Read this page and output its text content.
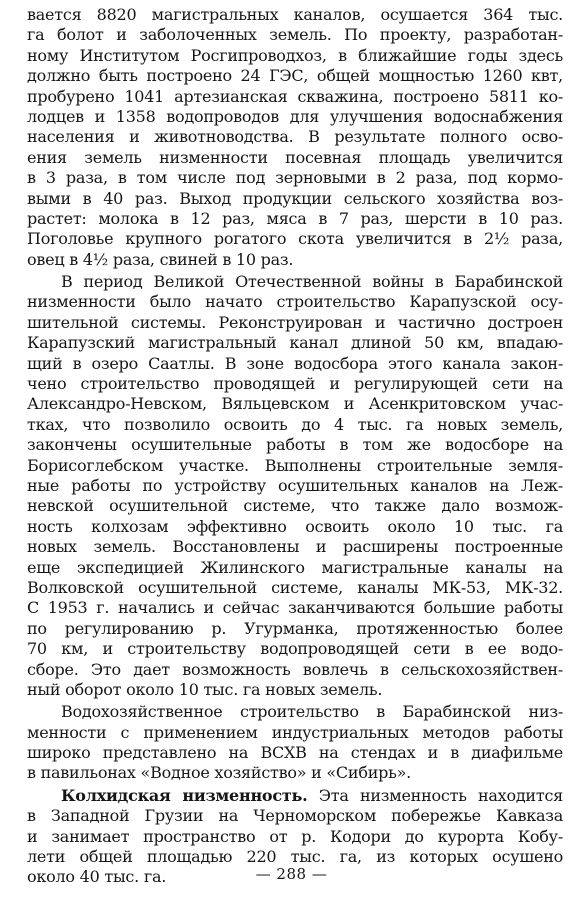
вается 8820 магистральных каналов, осушается 364 тыс.
га болот и заболоченных земель. По проекту, разработан-
ному Институтом Росгипроводхоз, в ближайшие годы здесь
должно быть построено 24 ГЭС, общей мощностью 1260 квт,
пробурено 1041 артезианская скважина, построено 5811 ко-
лодцев и 1358 водопроводов для улучшения водоснабжения
населения и животноводства. В результате полного осво-
ения земель низменности посевная площадь увеличится
в 3 раза, в том числе под зерновыми в 2 раза, под кормо-
выми в 40 раз. Выход продукции сельского хозяйства воз-
растет: молока в 12 раз, мяса в 7 раз, шерсти в 10 раз.
Поголовье крупного рогатого скота увеличится в 2½ раза,
овец в 4½ раза, свиней в 10 раз.
В период Великой Отечественной войны в Барабинской
низменности было начато строительство Карапузской осу-
шительной системы. Реконструирован и частично достроен
Карапузский магистральный канал длиной 50 км, впадаю-
щий в озеро Саатлы. В зоне водосбора этого канала закон-
чено строительство проводящей и регулирующей сети на
Александро-Невском, Вяльцевском и Асенкритовском учас-
тках, что позволило освоить до 4 тыс. га новых земель,
закончены осушительные работы в том же водосборе на
Борисоглебском участке. Выполнены строительные земля-
ные работы по устройству осушительных каналов на Леж-
невской осушительной системе, что также дало возмож-
ность колхозам эффективно освоить около 10 тыс. га
новых земель. Восстановлены и расширены построенные
еще экспедицией Жилинского магистральные каналы на
Волковской осушительной системе, каналы МК-53, МК-32.
С 1953 г. начались и сейчас заканчиваются большие работы
по регулированию р. Угурманка, протяженностью более
70 км, и строительству водопроводящей сети в ее водо-
сборе. Это дает возможность вовлечь в сельскохозяйствен-
ный оборот около 10 тыс. га новых земель.
Водохозяйственное строительство в Барабинской низ-
менности с применением индустриальных методов работы
широко представлено на ВСХВ на стендах и в диафильме
в павильонах «Водное хозяйство» и «Сибирь».
Колхидская низменность. Эта низменность находится
в Западной Грузии на Черноморском побережье Кавказа
и занимает пространство от р. Кодори до курорта Кобу-
лети общей площадью 220 тыс. га, из которых осушено
около 40 тыс. га.	— 288 —
